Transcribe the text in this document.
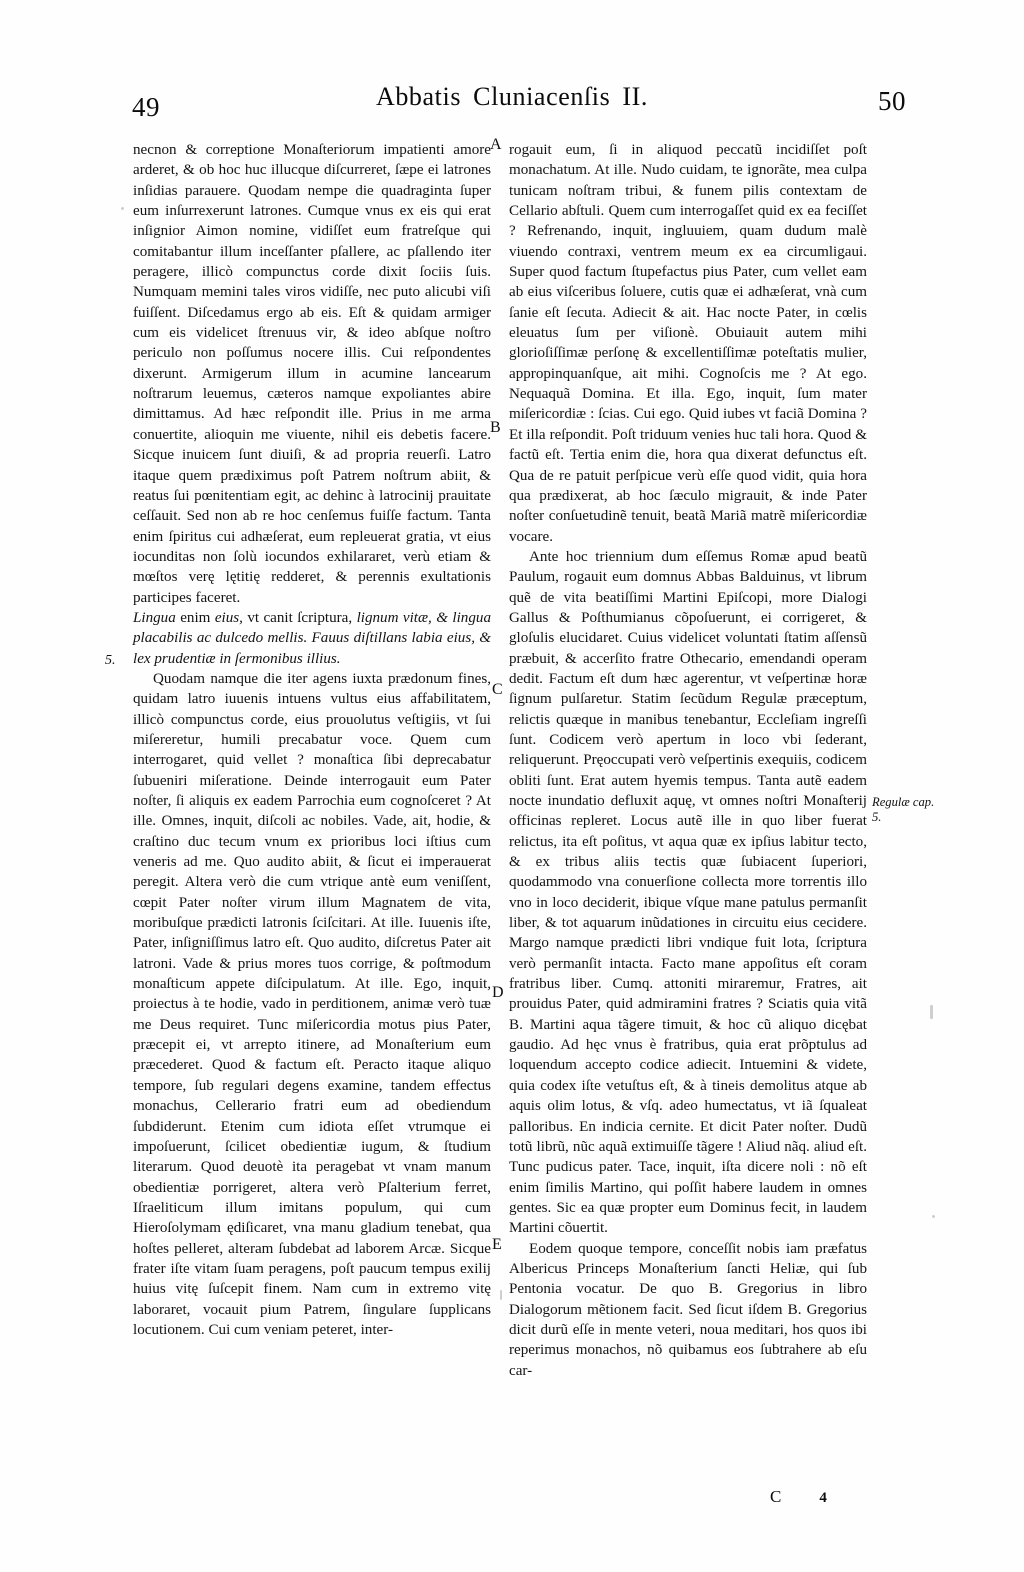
49	Abbatis Cluniacenſis II.	50

necnon & correptione Monaſteriorum impatienti amore arderet, & ob hoc huc illucque diſcurreret, ſæpe ei latrones inſidias parauere. Quodam nempe die quadraginta ſuper eum inſurrexerunt latrones. Cumque vnus ex eis qui erat inſignior Aimon nomine, vidiſſet eum fratreſque qui comitabantur illum inceſſanter pſallere, ac pſallendo iter peragere, illicò compunctus corde dixit ſociis ſuis. Numquam memini tales viros vidiſſe, nec puto alicubi viſi fuiſſent. Diſcedamus ergo ab eis. Eſt & quidam armiger cum eis videlicet ſtrenuus vir, & ideo abſque noſtro periculo non poſſumus nocere illis. Cui reſpondentes dixerunt. Armigerum illum in acumine lancearum noſtrarum leuemus, cæteros namque expoliantes abire dimittamus. Ad hæc reſpondit ille. Prius in me arma conuertite, alioquin me viuente, nihil eis debetis facere. Sicque inuicem ſunt diuiſi, & ad propria reuerſi. Latro itaque quem prædiximus poſt Patrem noſtrum abiit, & reatus ſui pœnitentiam egit, ac dehinc à latrocinij prauitate ceſſauit. Sed non ab re hoc cenſemus fuiſſe factum. Tanta enim ſpiritus cui adhæſerat, eum repleuerat gratia, vt eius iocunditas non ſolù iocundos exhilararet, verù etiam & mœſtos verę lętitię redderet, & perennis exultationis participes faceret.

Lingua enim eius, vt canit ſcriptura, lignum vitæ, & lingua placabilis ac dulcedo mellis. Fauus diſtillans labia eius, & lex prudentiæ in ſermonibus illius.

Quodam namque die iter agens iuxta prædonum fines, quidam latro iuuenis intuens vultus eius affabilitatem, illicò compunctus corde, eius prouolutus veſtigiis, vt ſui miſereretur, humili precabatur voce. Quem cum interrogaret, quid vellet ? monaſtica ſibi deprecabatur ſubueniri miſeratione. Deinde interrogauit eum Pater noſter, ſi aliquis ex eadem Parrochia eum cognoſceret ? At ille. Omnes, inquit, diſcoli ac nobiles. Vade, ait, hodie, & craſtino duc tecum vnum ex prioribus loci iſtius cum veneris ad me. Quo audito abiit, & ſicut ei imperauerat peregit. Altera verò die cum vtrique antè eum veniſſent, cœpit Pater noſter virum illum Magnatem de vita, moribuſque prædicti latronis ſciſcitari. At ille. Iuuenis iſte, Pater, inſigniſſimus latro eſt. Quo audito, diſcretus Pater ait latroni. Vade & prius mores tuos corrige, & poſtmodum monaſticum appete diſcipulatum. At ille. Ego, inquit, proiectus à te hodie, vado in perditionem, animæ verò tuæ me Deus requiret. Tunc miſericordia motus pius Pater, præcepit ei, vt arrepto itinere, ad Monaſterium eum præcederet. Quod & factum eſt. Peracto itaque aliquo tempore, ſub regulari degens examine, tandem effectus monachus, Cellerario fratri eum ad obediendum ſubdiderunt. Etenim cum idiota eſſet vtrumque ei impoſuerunt, ſcilicet obedientiæ iugum, & ſtudium literarum. Quod deuotè ita peragebat vt vnam manum obedientiæ porrigeret, altera verò Pſalterium ferret, Iſraeliticum illum imitans populum, qui cum Hieroſolymam ędiſicaret, vna manu gladium tenebat, qua hoſtes pelleret, alteram ſubdebat ad laborem Arcæ. Sicque frater iſte vitam ſuam peragens, poſt paucum tempus exilij huius vitę ſuſcepit finem. Nam cum in extremo vitę laboraret, vocauit pium Patrem, ſingulare ſupplicans locutionem. Cui cum veniam peteret, inter-

rogauit eum, ſi in aliquod peccatũ incidiſſet poſt monachatum. At ille. Nudo cuidam, te ignorãte, mea culpa tunicam noſtram tribui, & funem pilis contextam de Cellario abſtuli. Quem cum interrogaſſet quid ex ea feciſſet ? Refrenando, inquit, ingluuiem, quam dudum malè viuendo contraxi, ventrem meum ex ea circumligaui. Super quod factum ſtupefactus pius Pater, cum vellet eam ab eius viſceribus ſoluere, cutis quæ ei adhæſerat, vnà cum ſanie eſt ſecuta. Adiecit & ait. Hac nocte Pater, in cœlis eleuatus ſum per viſionè. Obuiauit autem mihi glorioſiſſimæ perſonę & excellentiſſimæ poteſtatis mulier, appropinquanſque, ait mihi. Cognoſcis me ? At ego. Nequaquã Domina. Et illa. Ego, inquit, ſum mater miſericordiæ : ſcias. Cui ego. Quid iubes vt faciã Domina ? Et illa reſpondit. Poſt triduum venies huc tali hora. Quod & factũ eſt. Tertia enim die, hora qua dixerat defunctus eſt. Qua de re patuit perſpicue verù eſſe quod vidit, quia hora qua prædixerat, ab hoc ſæculo migrauit, & inde Pater noſter conſuetudinẽ tenuit, beatã Mariã matrẽ miſericordiæ vocare.

Ante hoc triennium dum eſſemus Romæ apud beatũ Paulum, rogauit eum domnus Abbas Balduinus, vt librum quẽ de vita beatiſſimi Martini Epiſcopi, more Dialogi Gallus & Poſthumianus cõpoſuerunt, ei corrigeret, & gloſulis elucidaret. Cuius videlicet voluntati ſtatim aſſensũ præbuit, & accerſito fratre Othecario, emendandi operam dedit. Factum eſt dum hæc agerentur, vt veſpertinæ horæ ſignum pulſaretur. Statim ſecũdum Regulæ præceptum, relictis quæque in manibus tenebantur, Eccleſiam ingreſſi ſunt. Codicem verò apertum in loco vbi ſederant, reliquerunt. Pręoccupati verò veſpertinis exequiis, codicem obliti ſunt. Erat autem hyemis tempus. Tanta autẽ eadem nocte inundatio defluxit aquę, vt omnes noſtri Monaſterij officinas repleret. Locus autẽ ille in quo liber fuerat relictus, ita eſt poſitus, vt aqua quæ ex ipſius labitur tecto, & ex tribus aliis tectis quæ ſubiacent ſuperiori, quodammodo vna conuerſione collecta more torrentis illo vno in loco deciderit, ibique vſque mane patulus permanſit liber, & tot aquarum inũdationes in circuitu eius cecidere. Margo namque prædicti libri vndique fuit lota, ſcriptura verò permanſit intacta. Facto mane appoſitus eſt coram fratribus liber. Cumq. attoniti miraremur, Fratres, ait prouidus Pater, quid admiramini fratres ? Sciatis quia vitã B. Martini aqua tãgere timuit, & hoc cũ aliquo dicębat gaudio. Ad hęc vnus è fratribus, quia erat prõptulus ad loquendum accepto codice adiecit. Intuemini & videte, quia codex iſte vetuſtus eſt, & à tineis demolitus atque ab aquis olim lotus, & vſq. adeo humectatus, vt iã ſqualeat palloribus. En indicia cernite. Et dicit Pater noſter. Dudũ totũ librũ, nũc aquã extimuiſſe tãgere ! Aliud nãq. aliud eſt. Tunc pudicus pater. Tace, inquit, iſta dicere noli : nõ eſt enim ſimilis Martino, qui poſſit habere laudem in omnes gentes. Sic ea quæ propter eum Dominus fecit, in laudem Martini cõuertit.

Eodem quoque tempore, conceſſit nobis iam præfatus Albericus Princeps Monaſterium ſancti Heliæ, qui ſub Pentonia vocatur. De quo B. Gregorius in libro Dialogorum mẽtionem facit. Sed ſicut iſdem B. Gregorius dicit durũ eſſe in mente veteri, noua meditari, hos quos ibi reperimus monachos, nõ quibamus eos ſubtrahere ab eſu car-

5.
A
B
C
D
E
Regulæ cap. 5.
C	4
